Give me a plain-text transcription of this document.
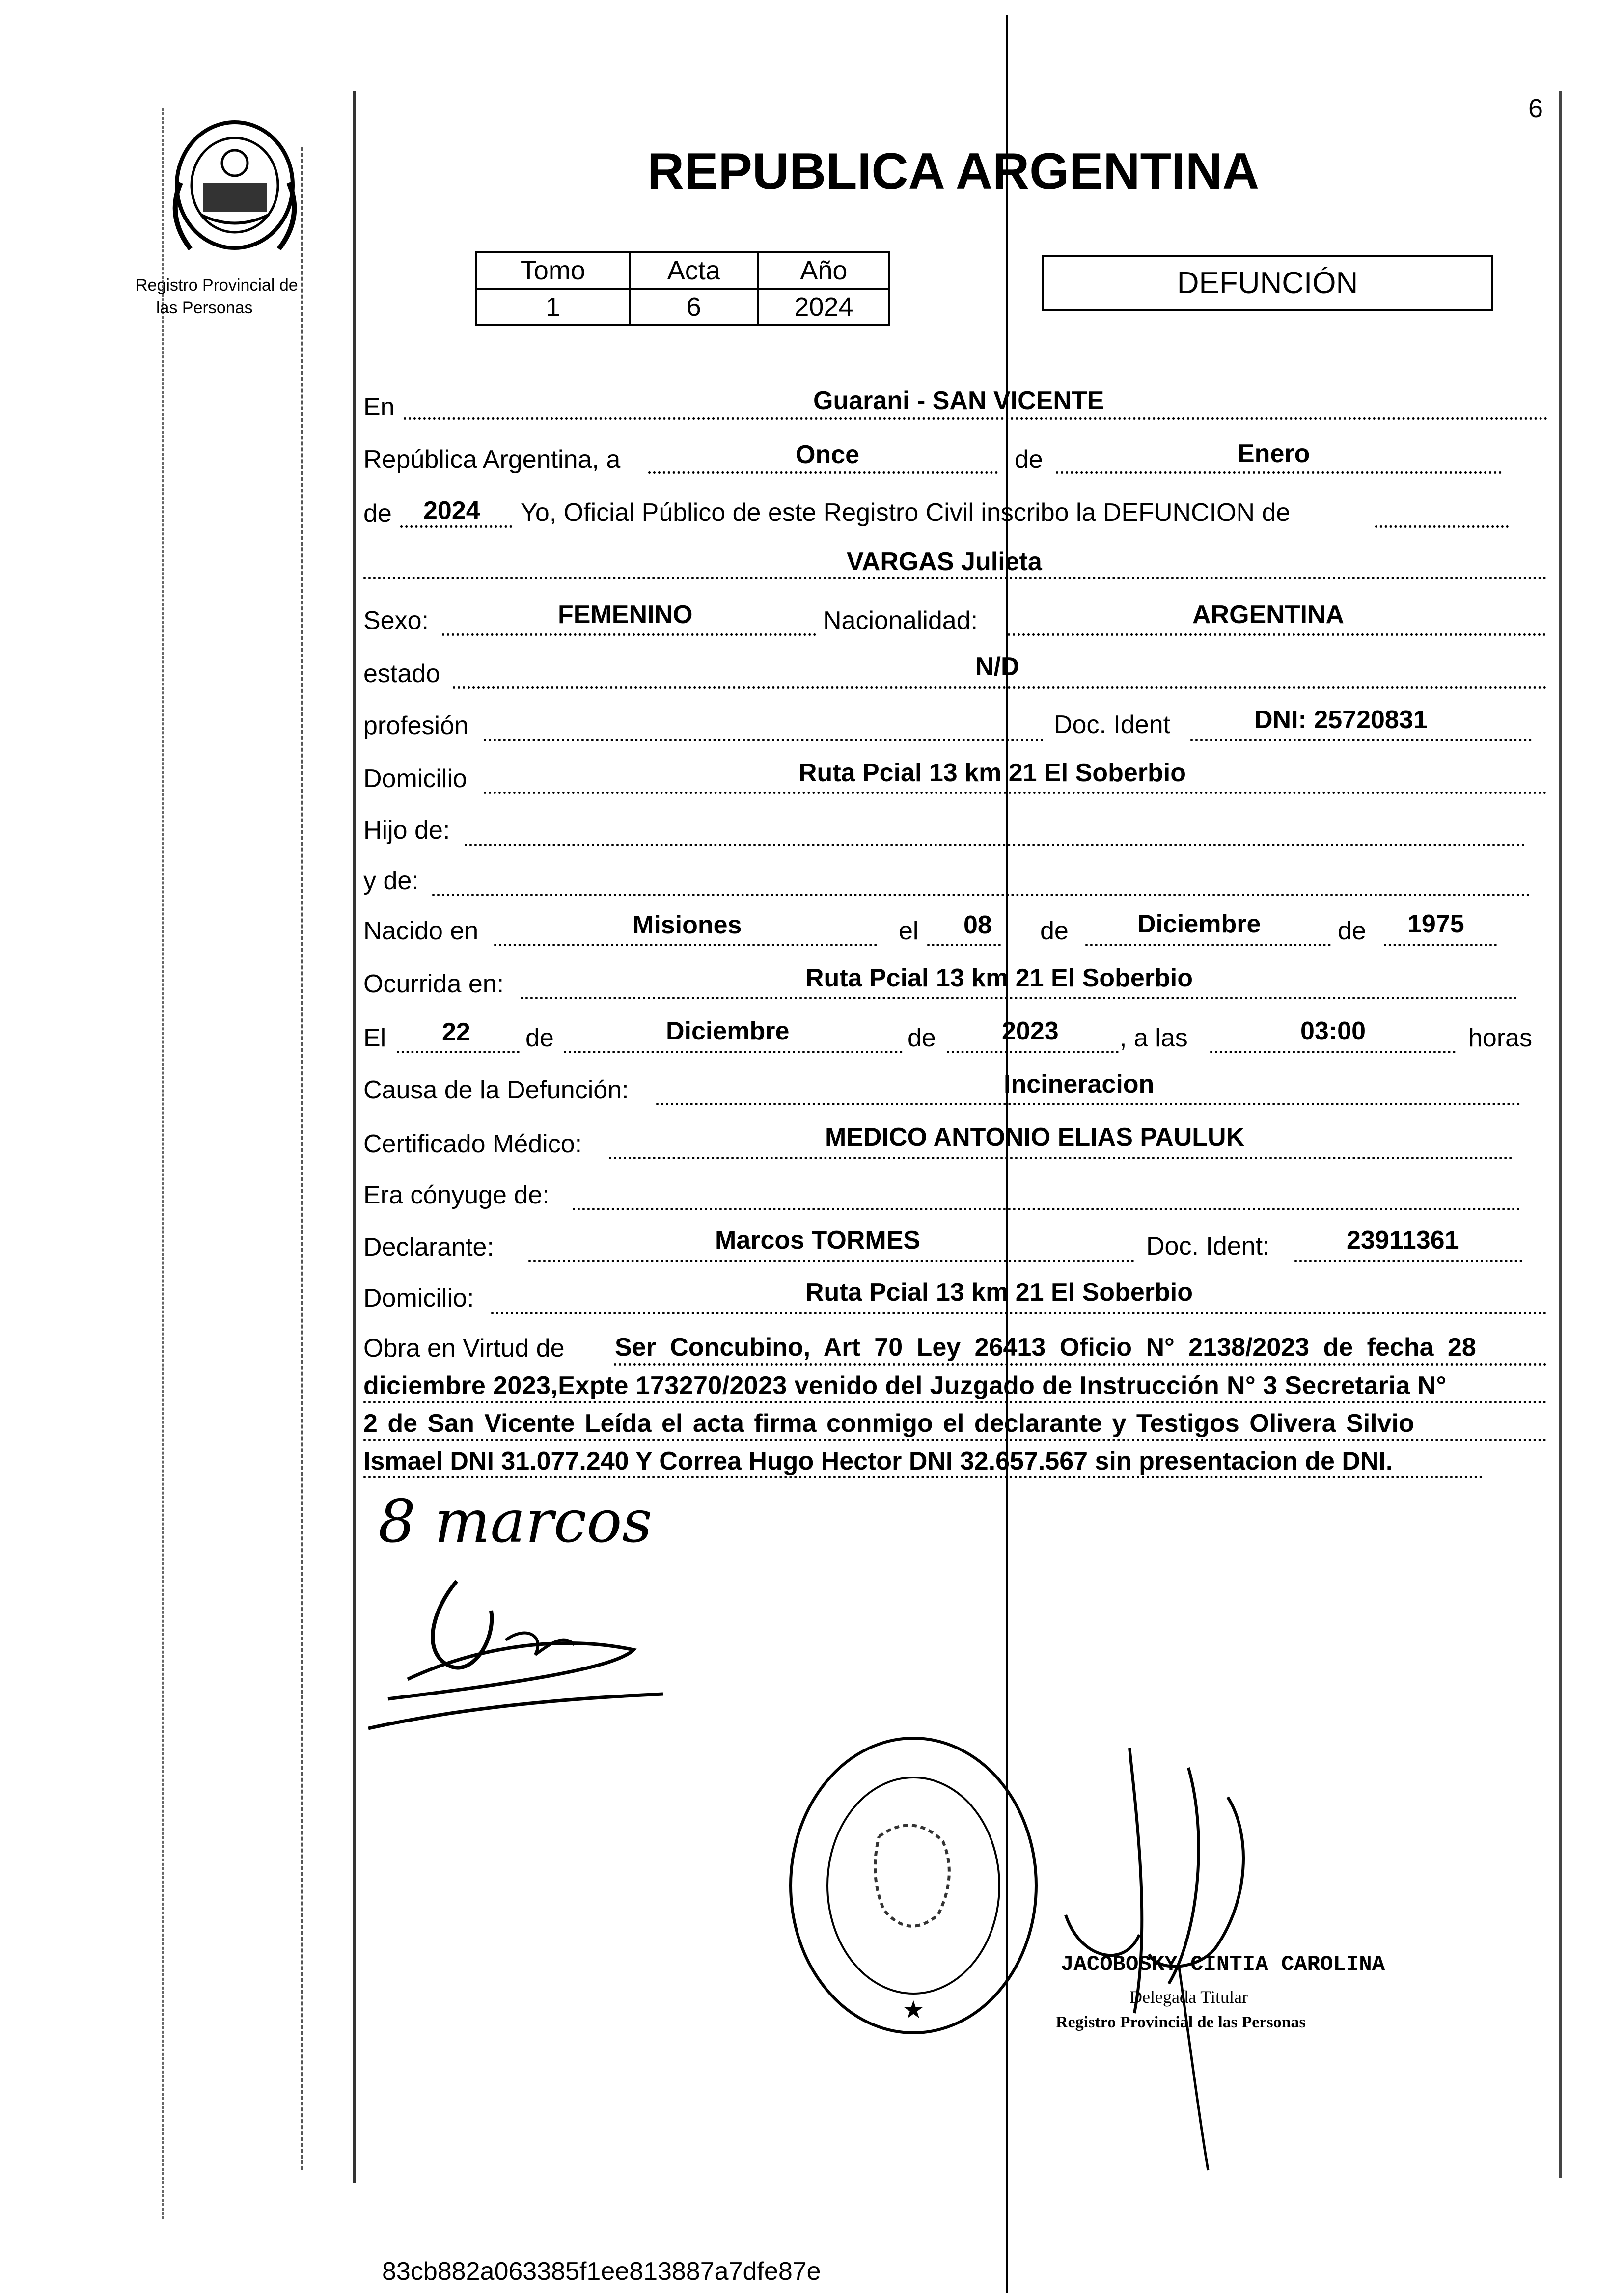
6
Registro Provincial de
las Personas
REPUBLICA ARGENTINA
Tomo	Acta	Año
1	6	2024
DEFUNCIÓN
En	Guarani - SAN VICENTE
República Argentina, a	Once	de	Enero
de 2024 Yo, Oficial Público de este Registro Civil inscribo la DEFUNCION de
VARGAS Julieta
Sexo:	FEMENINO	Nacionalidad:	ARGENTINA
estado	N/D
profesión	Doc. Ident	DNI: 25720831
Domicilio	Ruta Pcial 13 km 21 El Soberbio
Hijo de:
y de:
Nacido en	Misiones	el 08 de	Diciembre	de 1975
Ocurrida en:	Ruta Pcial 13 km 21 El Soberbio
El 22 de	Diciembre	de	2023 , a las	03:00	horas
Causa de la Defunción:	Incineracion
Certificado Médico:	MEDICO ANTONIO ELIAS PAULUK
Era cónyuge de:
Declarante:	Marcos TORMES	Doc. Ident:	23911361
Domicilio:	Ruta Pcial 13 km 21 El Soberbio
Obra en Virtud de Ser Concubino, Art 70 Ley 26413 Oficio N° 2138/2023 de fecha 28
diciembre 2023,Expte 173270/2023 venido del Juzgado de Instrucción N° 3 Secretaria N°
2 de San Vicente Leída el acta firma conmigo el declarante y Testigos Olivera Silvio
Ismael DNI 31.077.240 Y Correa Hugo Hector DNI 32.657.567 sin presentacion de DNI.
8 marcos
★
JACOBOSKY CINTIA CAROLINA
Delegada Titular
Registro Provincial de las Personas
83cb882a063385f1ee813887a7dfe87e
